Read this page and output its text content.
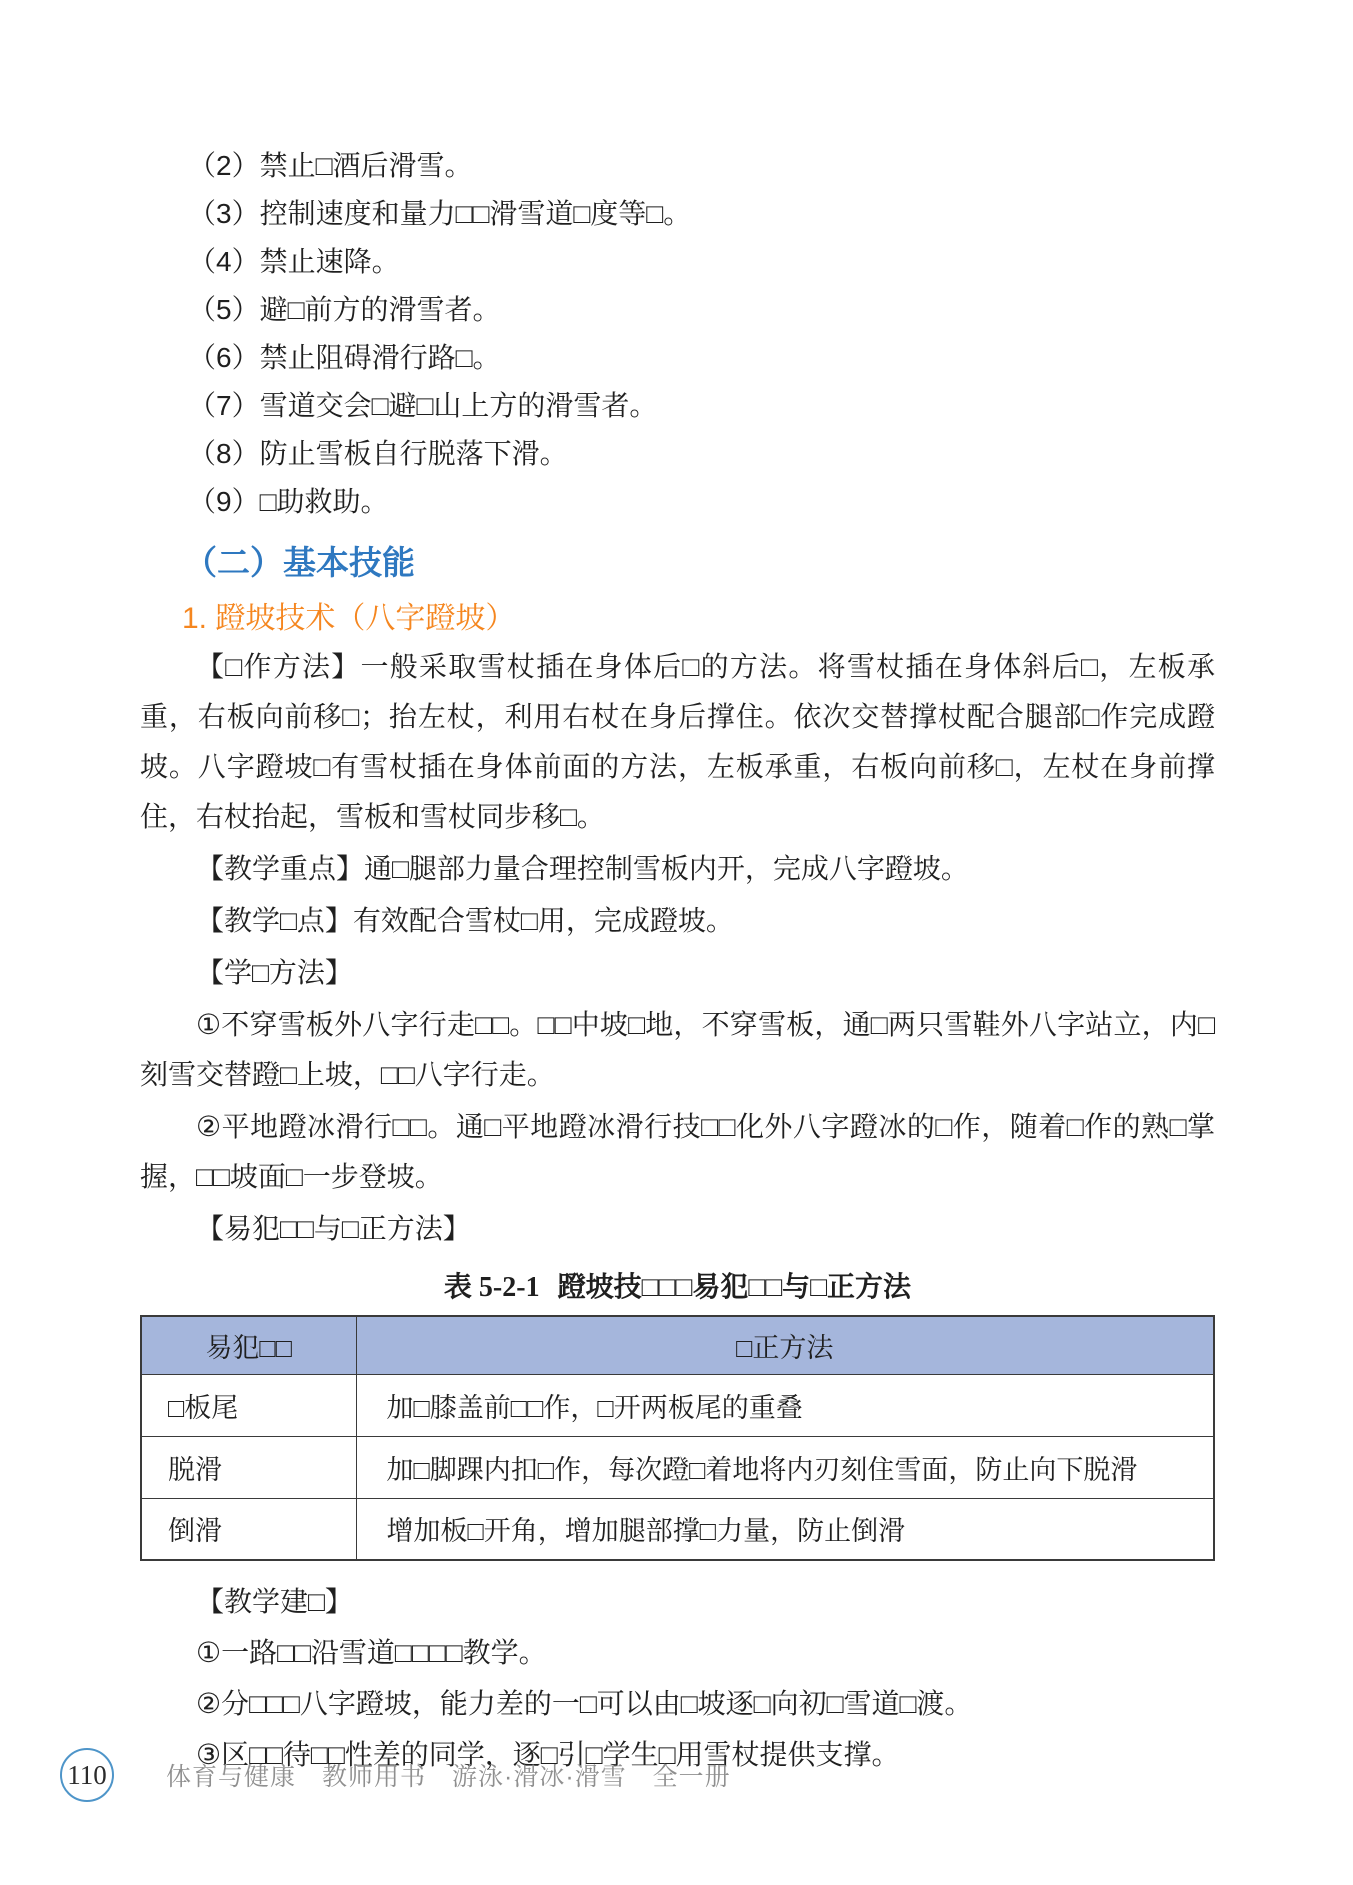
（2）禁止□酒后滑雪。
（3）控制速度和量力□□滑雪道□度等□。
（4）禁止速降。
（5）避□前方的滑雪者。
（6）禁止阻碍滑行路□。
（7）雪道交会□避□山上方的滑雪者。
（8）防止雪板自行脱落下滑。
（9）□助救助。
（二）基本技能
1. 蹬坡技术（八字蹬坡）

【□作方法】一般采取雪杖插在身体后□的方法。将雪杖插在身体斜后□，左板承重，右板向前移□；抬左杖，利用右杖在身后撑住。依次交替撑杖配合腿部□作完成蹬坡。八字蹬坡□有雪杖插在身体前面的方法，左板承重，右板向前移□，左杖在身前撑住，右杖抬起，雪板和雪杖同步移□。

【教学重点】通□腿部力量合理控制雪板内开，完成八字蹬坡。

【教学□点】有效配合雪杖□用，完成蹬坡。

【学□方法】

①不穿雪板外八字行走□□。□□中坡□地，不穿雪板，通□两只雪鞋外八字站立，内□刻雪交替蹬□上坡，□□八字行走。

②平地蹬冰滑行□□。通□平地蹬冰滑行技□□化外八字蹬冰的□作，随着□作的熟□掌握，□□坡面□一步登坡。

【易犯□□与□正方法】

表 5-2-1 蹬坡技□□□易犯□□与□正方法
易犯□□	□正方法
□板尾	加□膝盖前□□作，□开两板尾的重叠
脱滑	加□脚踝内扣□作，每次蹬□着地将内刃刻住雪面，防止向下脱滑
倒滑	增加板□开角，增加腿部撑□力量，防止倒滑

【教学建□】

①一路□□沿雪道□□□□教学。

②分□□□八字蹬坡，能力差的一□可以由□坡逐□向初□雪道□渡。

③区□□待□□性差的同学，逐□引□学生□用雪杖提供支撑。

110 体育与健康　教师用书　游泳·滑冰·滑雪　全一册
